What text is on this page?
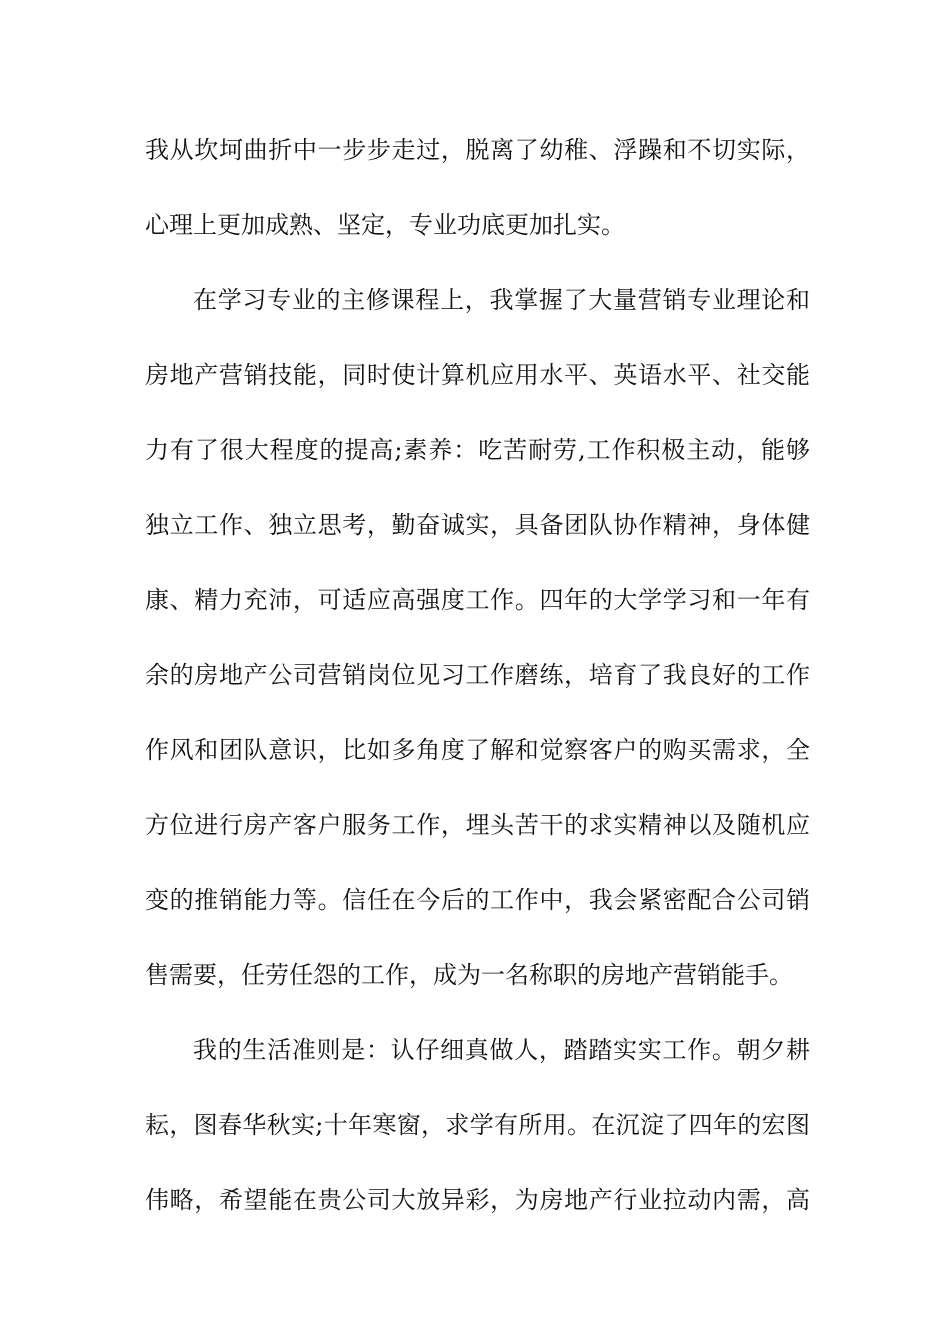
我从坎坷曲折中一步步走过，脱离了幼稚、浮躁和不切实际，
心理上更加成熟、坚定，专业功底更加扎实。
在学习专业的主修课程上，我掌握了大量营销专业理论和
房地产营销技能，同时使计算机应用水平、英语水平、社交能
力有了很大程度的提高;素养：吃苦耐劳,工作积极主动，能够
独立工作、独立思考，勤奋诚实，具备团队协作精神，身体健
康、精力充沛，可适应高强度工作。四年的大学学习和一年有
余的房地产公司营销岗位见习工作磨练，培育了我良好的工作
作风和团队意识，比如多角度了解和觉察客户的购买需求，全
方位进行房产客户服务工作，埋头苦干的求实精神以及随机应
变的推销能力等。信任在今后的工作中，我会紧密配合公司销
售需要，任劳任怨的工作，成为一名称职的房地产营销能手。
我的生活准则是：认仔细真做人，踏踏实实工作。朝夕耕
耘，图春华秋实;十年寒窗，求学有所用。在沉淀了四年的宏图
伟略，希望能在贵公司大放异彩，为房地产行业拉动内需，高
